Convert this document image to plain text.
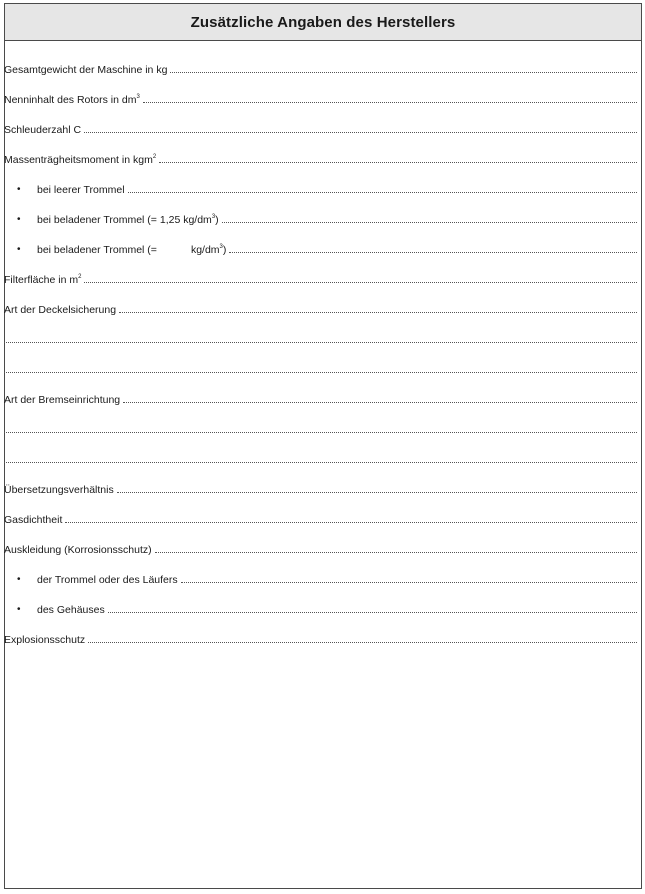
Zusätzliche Angaben des Herstellers
Gesamtgewicht der Maschine in kg
Nenninhalt des Rotors in $dm^3$
Schleuderzahl C
Massenträgheitsmoment in kgm$^2$
•	bei leerer Trommel
•	bei beladener Trommel (= 1,25 $kg/dm^3$)
•	bei beladener Trommel (=	$kg/dm^3$)
Filterfläche in $m^2$
Art der Deckelsicherung
Art der Bremseinrichtung
Übersetzungsverhältnis
Gasdichtheit
Auskleidung (Korrosionsschutz)
•	der Trommel oder des Läufers
•	des Gehäuses
Explosionsschutz
